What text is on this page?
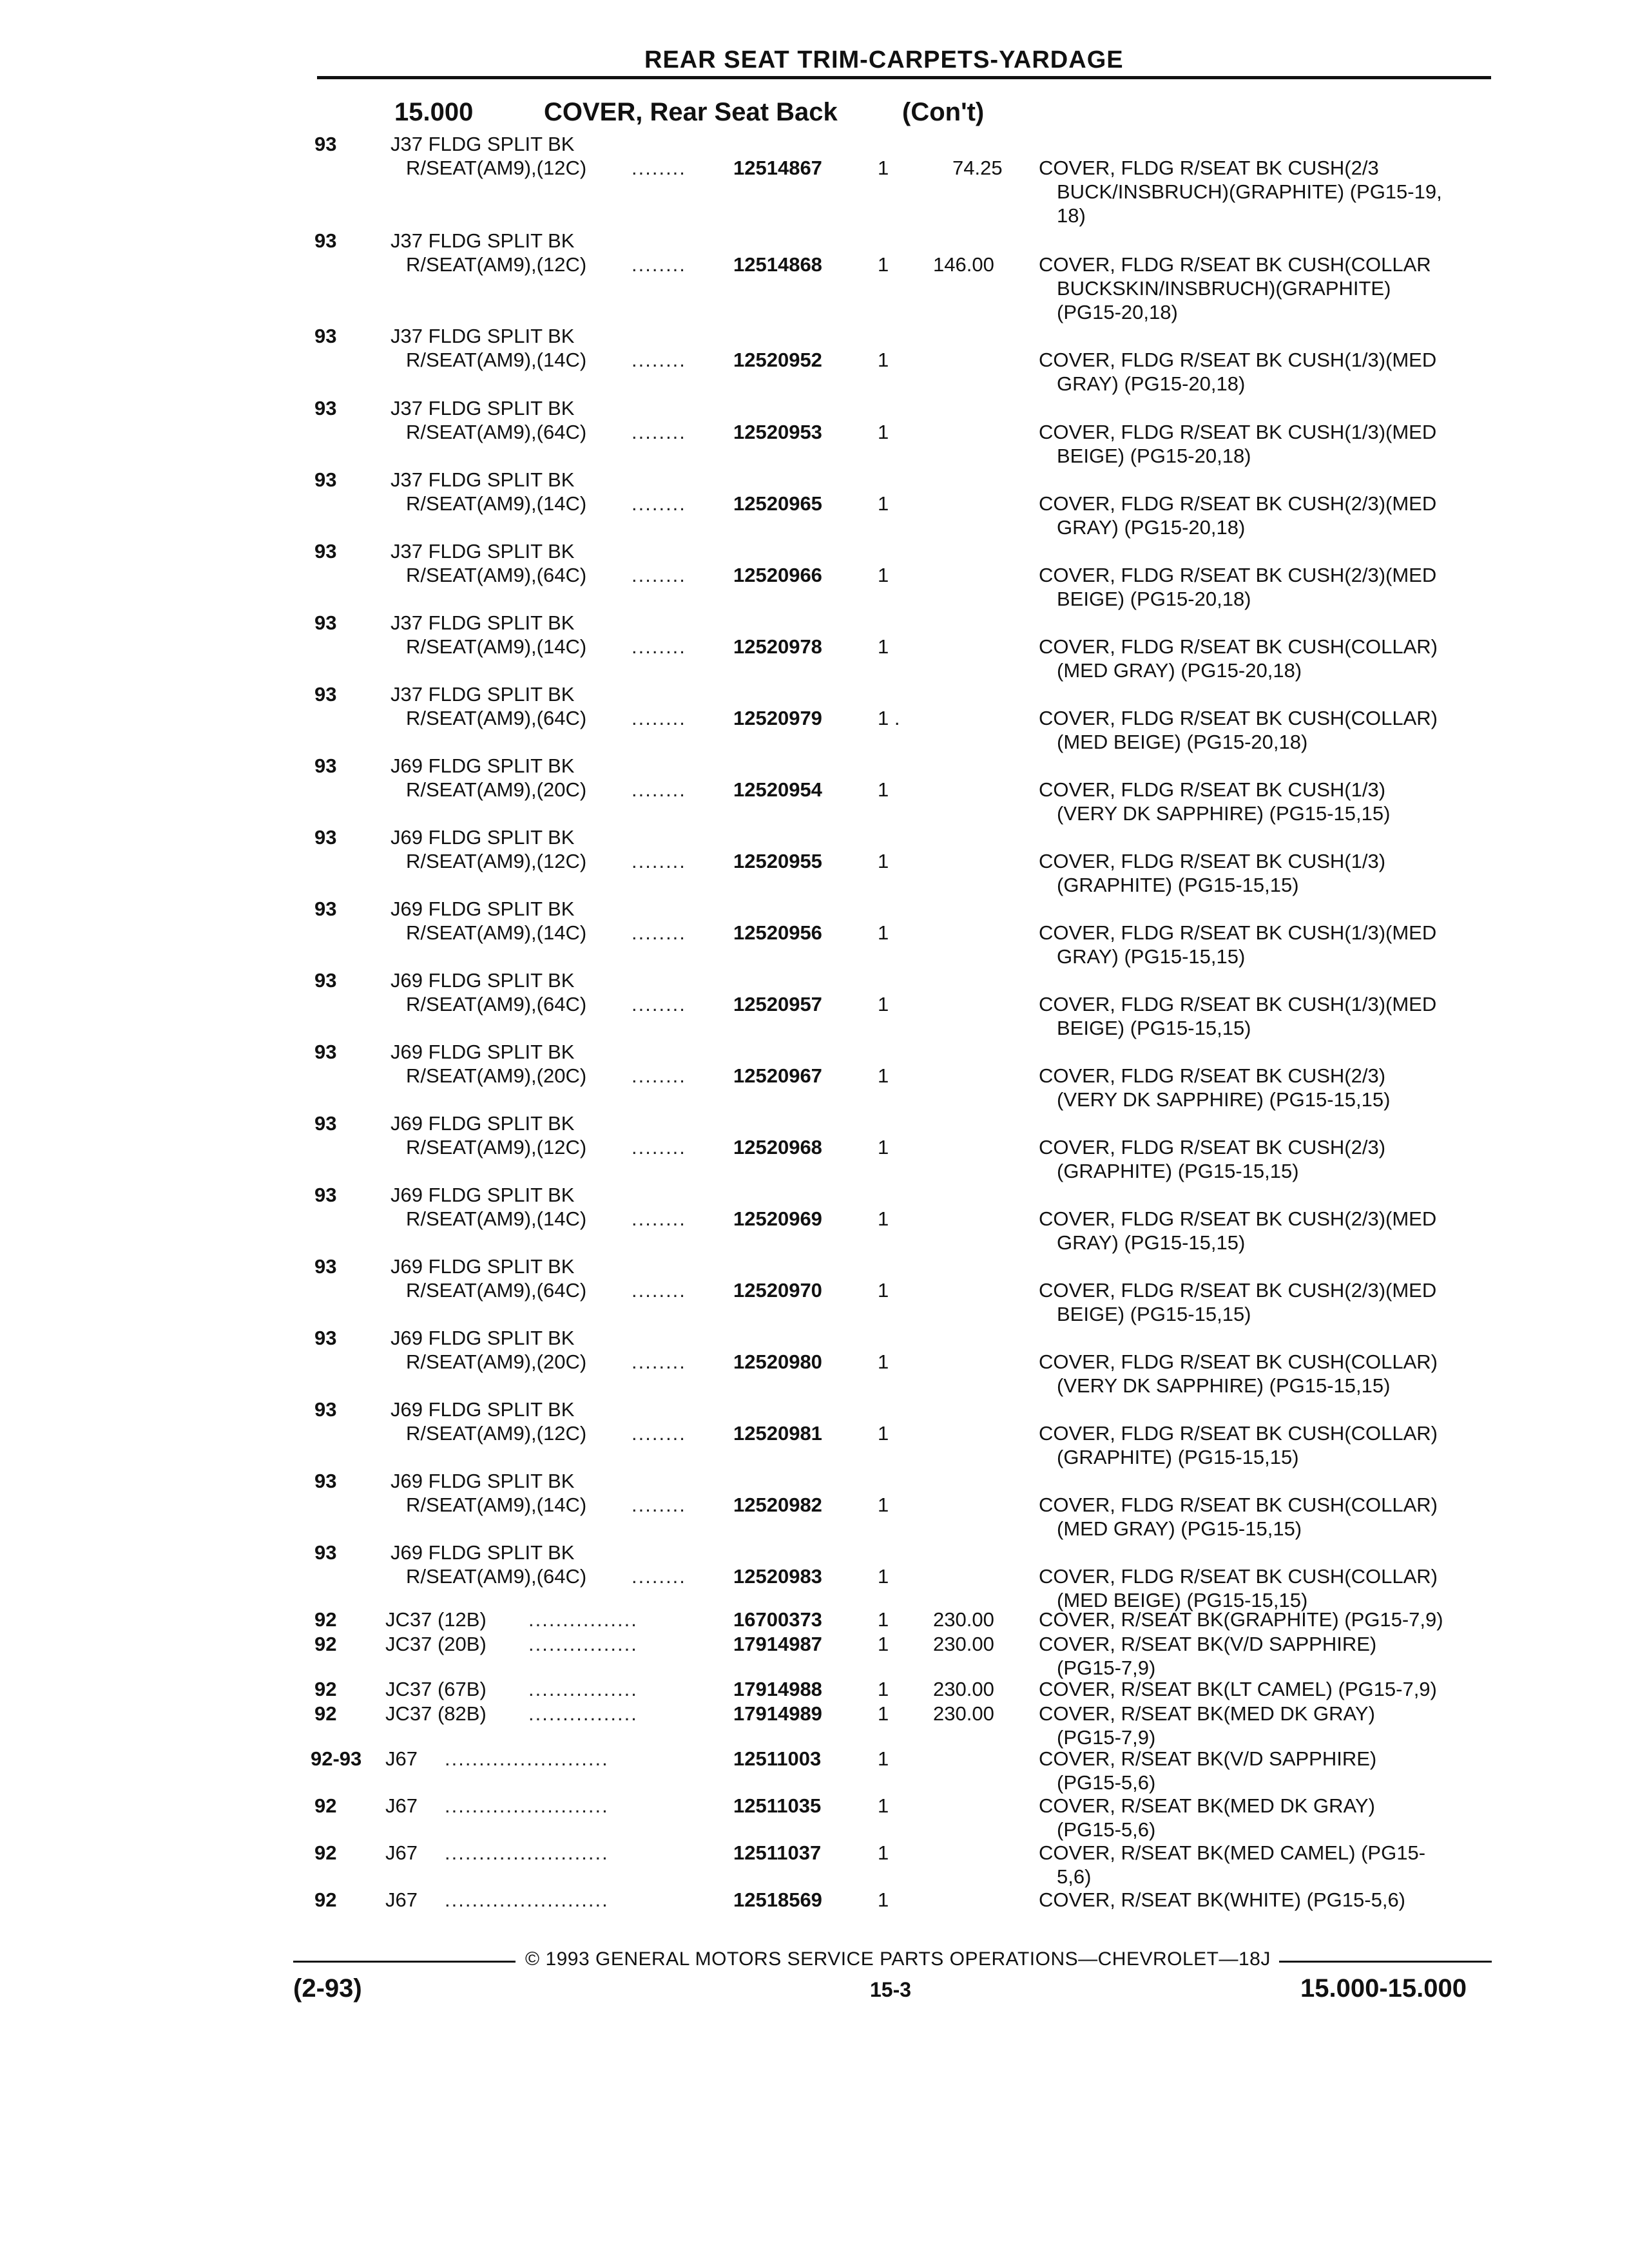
REAR SEAT TRIM-CARPETS-YARDAGE
15.000	COVER, Rear Seat Back	(Con't)
93	J37 FLDG SPLIT BK
R/SEAT(AM9),(12C) ........ 12514867	1	74.25 COVER, FLDG R/SEAT BK CUSH(2/3
BUCK/INSBRUCH)(GRAPHITE) (PG15-19,
18)
93	J37 FLDG SPLIT BK
R/SEAT(AM9),(12C) ........ 12514868	1 146.00 COVER, FLDG R/SEAT BK CUSH(COLLAR
BUCKSKIN/INSBRUCH)(GRAPHITE)
(PG15-20,18)
93	J37 FLDG SPLIT BK
R/SEAT(AM9),(14C) ........ 12520952	1	COVER, FLDG R/SEAT BK CUSH(1/3)(MED
GRAY) (PG15-20,18)
93	J37 FLDG SPLIT BK
R/SEAT(AM9),(64C) ........ 12520953	1	COVER, FLDG R/SEAT BK CUSH(1/3)(MED
BEIGE) (PG15-20,18)
93	J37 FLDG SPLIT BK
R/SEAT(AM9),(14C) ........ 12520965	1	COVER, FLDG R/SEAT BK CUSH(2/3)(MED
GRAY) (PG15-20,18)
93	J37 FLDG SPLIT BK
R/SEAT(AM9),(64C) ........ 12520966	1	COVER, FLDG R/SEAT BK CUSH(2/3)(MED
BEIGE) (PG15-20,18)
93	J37 FLDG SPLIT BK
R/SEAT(AM9),(14C) ........ 12520978	1	COVER, FLDG R/SEAT BK CUSH(COLLAR)
(MED GRAY) (PG15-20,18)
93	J37 FLDG SPLIT BK
R/SEAT(AM9),(64C) ........ 12520979	1 .	COVER, FLDG R/SEAT BK CUSH(COLLAR)
(MED BEIGE) (PG15-20,18)
93	J69 FLDG SPLIT BK
R/SEAT(AM9),(20C) ........ 12520954	1	COVER, FLDG R/SEAT BK CUSH(1/3)
(VERY DK SAPPHIRE) (PG15-15,15)
93	J69 FLDG SPLIT BK
R/SEAT(AM9),(12C) ........ 12520955	1	COVER, FLDG R/SEAT BK CUSH(1/3)
(GRAPHITE) (PG15-15,15)
93	J69 FLDG SPLIT BK
R/SEAT(AM9),(14C) ........ 12520956	1	COVER, FLDG R/SEAT BK CUSH(1/3)(MED
GRAY) (PG15-15,15)
93	J69 FLDG SPLIT BK
R/SEAT(AM9),(64C) ........ 12520957	1	COVER, FLDG R/SEAT BK CUSH(1/3)(MED
BEIGE) (PG15-15,15)
93	J69 FLDG SPLIT BK
R/SEAT(AM9),(20C) ........ 12520967	1	COVER, FLDG R/SEAT BK CUSH(2/3)
(VERY DK SAPPHIRE) (PG15-15,15)
93	J69 FLDG SPLIT BK
R/SEAT(AM9),(12C) ........ 12520968	1	COVER, FLDG R/SEAT BK CUSH(2/3)
(GRAPHITE) (PG15-15,15)
93	J69 FLDG SPLIT BK
R/SEAT(AM9),(14C) ........ 12520969	1	COVER, FLDG R/SEAT BK CUSH(2/3)(MED
GRAY) (PG15-15,15)
93	J69 FLDG SPLIT BK
R/SEAT(AM9),(64C) ........ 12520970	1	COVER, FLDG R/SEAT BK CUSH(2/3)(MED
BEIGE) (PG15-15,15)
93	J69 FLDG SPLIT BK
R/SEAT(AM9),(20C) ........ 12520980	1	COVER, FLDG R/SEAT BK CUSH(COLLAR)
(VERY DK SAPPHIRE) (PG15-15,15)
93	J69 FLDG SPLIT BK
R/SEAT(AM9),(12C) ........ 12520981	1	COVER, FLDG R/SEAT BK CUSH(COLLAR)
(GRAPHITE) (PG15-15,15)
93	J69 FLDG SPLIT BK
R/SEAT(AM9),(14C) ........ 12520982	1	COVER, FLDG R/SEAT BK CUSH(COLLAR)
(MED GRAY) (PG15-15,15)
93	J69 FLDG SPLIT BK
R/SEAT(AM9),(64C) ........ 12520983	1	COVER, FLDG R/SEAT BK CUSH(COLLAR)
(MED BEIGE) (PG15-15,15)
92 JC37 (12B) ................	16700373	1 230.00 COVER, R/SEAT BK(GRAPHITE) (PG15-7,9)
92 JC37 (20B) ................	17914987	1 230.00 COVER, R/SEAT BK(V/D SAPPHIRE)
(PG15-7,9)
92 JC37 (67B) ................	17914988	1 230.00 COVER, R/SEAT BK(LT CAMEL) (PG15-7,9)
92 JC37 (82B) ................	17914989	1 230.00 COVER, R/SEAT BK(MED DK GRAY)
(PG15-7,9)
92-93 J67 ........................	12511003	1	COVER, R/SEAT BK(V/D SAPPHIRE)
(PG15-5,6)
92 J67 ........................	12511035	1	COVER, R/SEAT BK(MED DK GRAY)
(PG15-5,6)
92 J67 ........................	12511037	1	COVER, R/SEAT BK(MED CAMEL) (PG15-
5,6)
92 J67 ........................	12518569	1	COVER, R/SEAT BK(WHITE) (PG15-5,6)
© 1993 GENERAL MOTORS SERVICE PARTS OPERATIONS—CHEVROLET—18J
(2-93)	15-3	15.000-15.000
